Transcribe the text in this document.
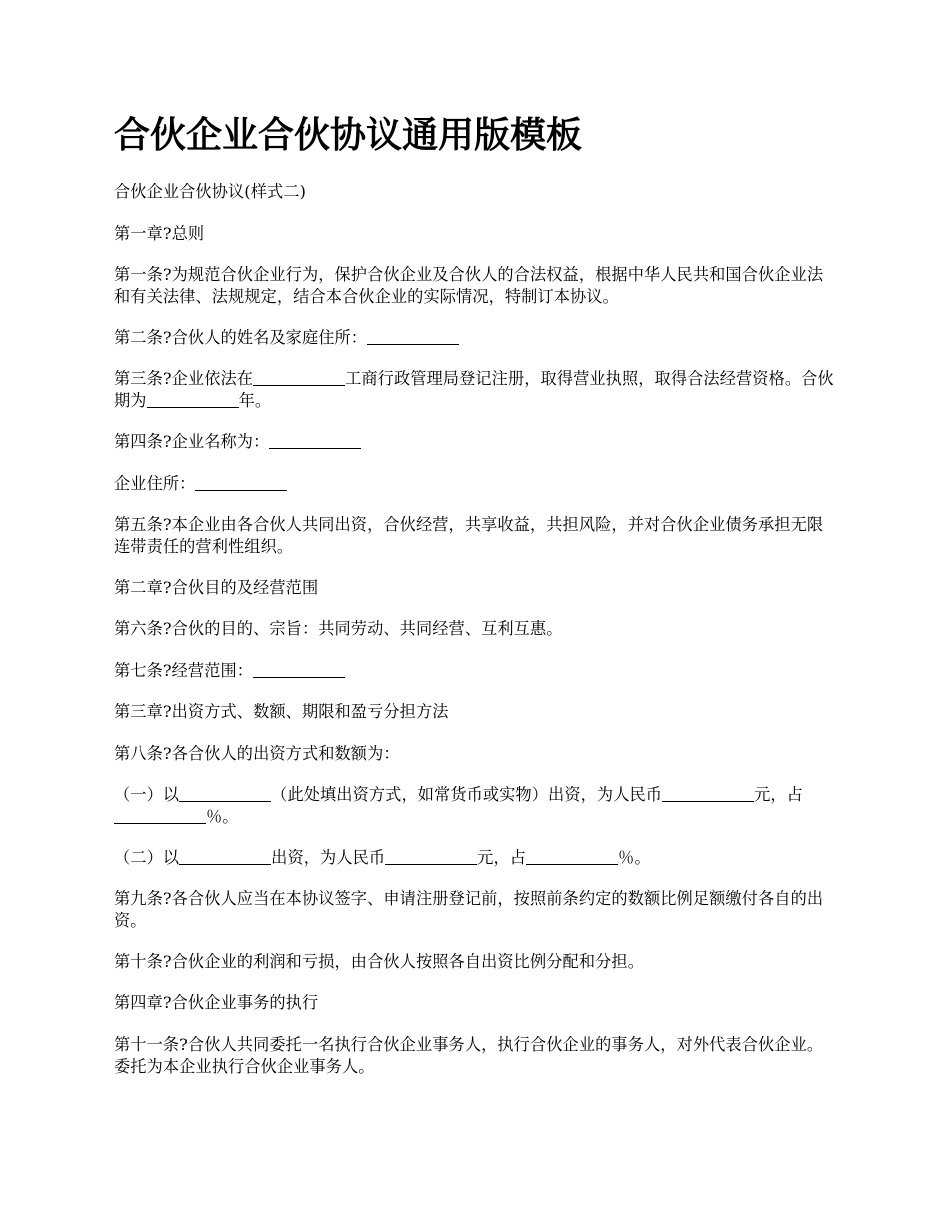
合伙企业合伙协议通用版模板

合伙企业合伙协议(样式二)

第一章?总则

第一条?为规范合伙企业行为，保护合伙企业及合伙人的合法权益，根据中华人民共和国合伙企业法和有关法律、法规规定，结合本合伙企业的实际情况，特制订本协议。

第二条?合伙人的姓名及家庭住所：

第三条?企业依法在	工商行政管理局登记注册，取得营业执照，取得合法经营资格。合伙期为	年。

第四条?企业名称为：

企业住所：

第五条?本企业由各合伙人共同出资，合伙经营，共享收益，共担风险，并对合伙企业债务承担无限连带责任的营利性组织。

第二章?合伙目的及经营范围

第六条?合伙的目的、宗旨：共同劳动、共同经营、互利互惠。

第七条?经营范围：

第三章?出资方式、数额、期限和盈亏分担方法

第八条?各合伙人的出资方式和数额为：

（一）以	（此处填出资方式，如常货币或实物）出资，为人民币	元，占％。

（二）以	出资，为人民币	元，占	％。

第九条?各合伙人应当在本协议签字、申请注册登记前，按照前条约定的数额比例足额缴付各自的出资。

第十条?合伙企业的利润和亏损，由合伙人按照各自出资比例分配和分担。

第四章?合伙企业事务的执行

第十一条?合伙人共同委托一名执行合伙企业事务人，执行合伙企业的事务人，对外代表合伙企业。委托为本企业执行合伙企业事务人。
